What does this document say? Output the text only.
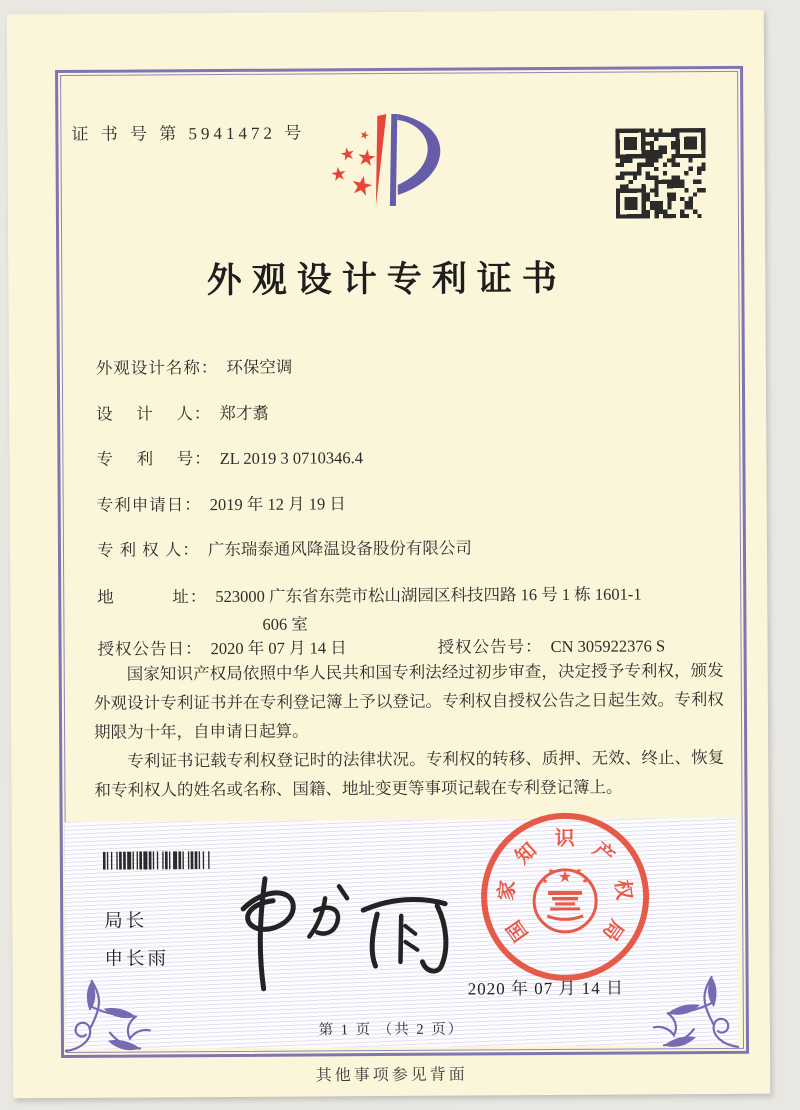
证 书 号 第 5941472 号
外观设计专利证书
外观设计名称： 环保空调
设　 计　 人： 郑才翥
专　 利　 号： ZL 2019 3 0710346.4
专利申请日： 2019 年 12 月 19 日
专 利 权 人： 广东瑞泰通风降温设备股份有限公司
地　　　 址： 523000 广东省东莞市松山湖园区科技四路 16 号 1 栋 1601-1
606 室
授权公告日： 2020 年 07 月 14 日	授权公告号： CN 305922376 S

国家知识产权局依照中华人民共和国专利法经过初步审查，决定授予专利权，颁发外观设计专利证书并在专利登记簿上予以登记。专利权自授权公告之日起生效。专利权期限为十年，自申请日起算。

专利证书记载专利权登记时的法律状况。专利权的转移、质押、无效、终止、恢复和专利权人的姓名或名称、国籍、地址变更等事项记载在专利登记簿上。

局长
申长雨
国
家
知
识 产
权
局
2020 年 07 月 14 日
第 1 页 （共 2 页）
其他事项参见背面
